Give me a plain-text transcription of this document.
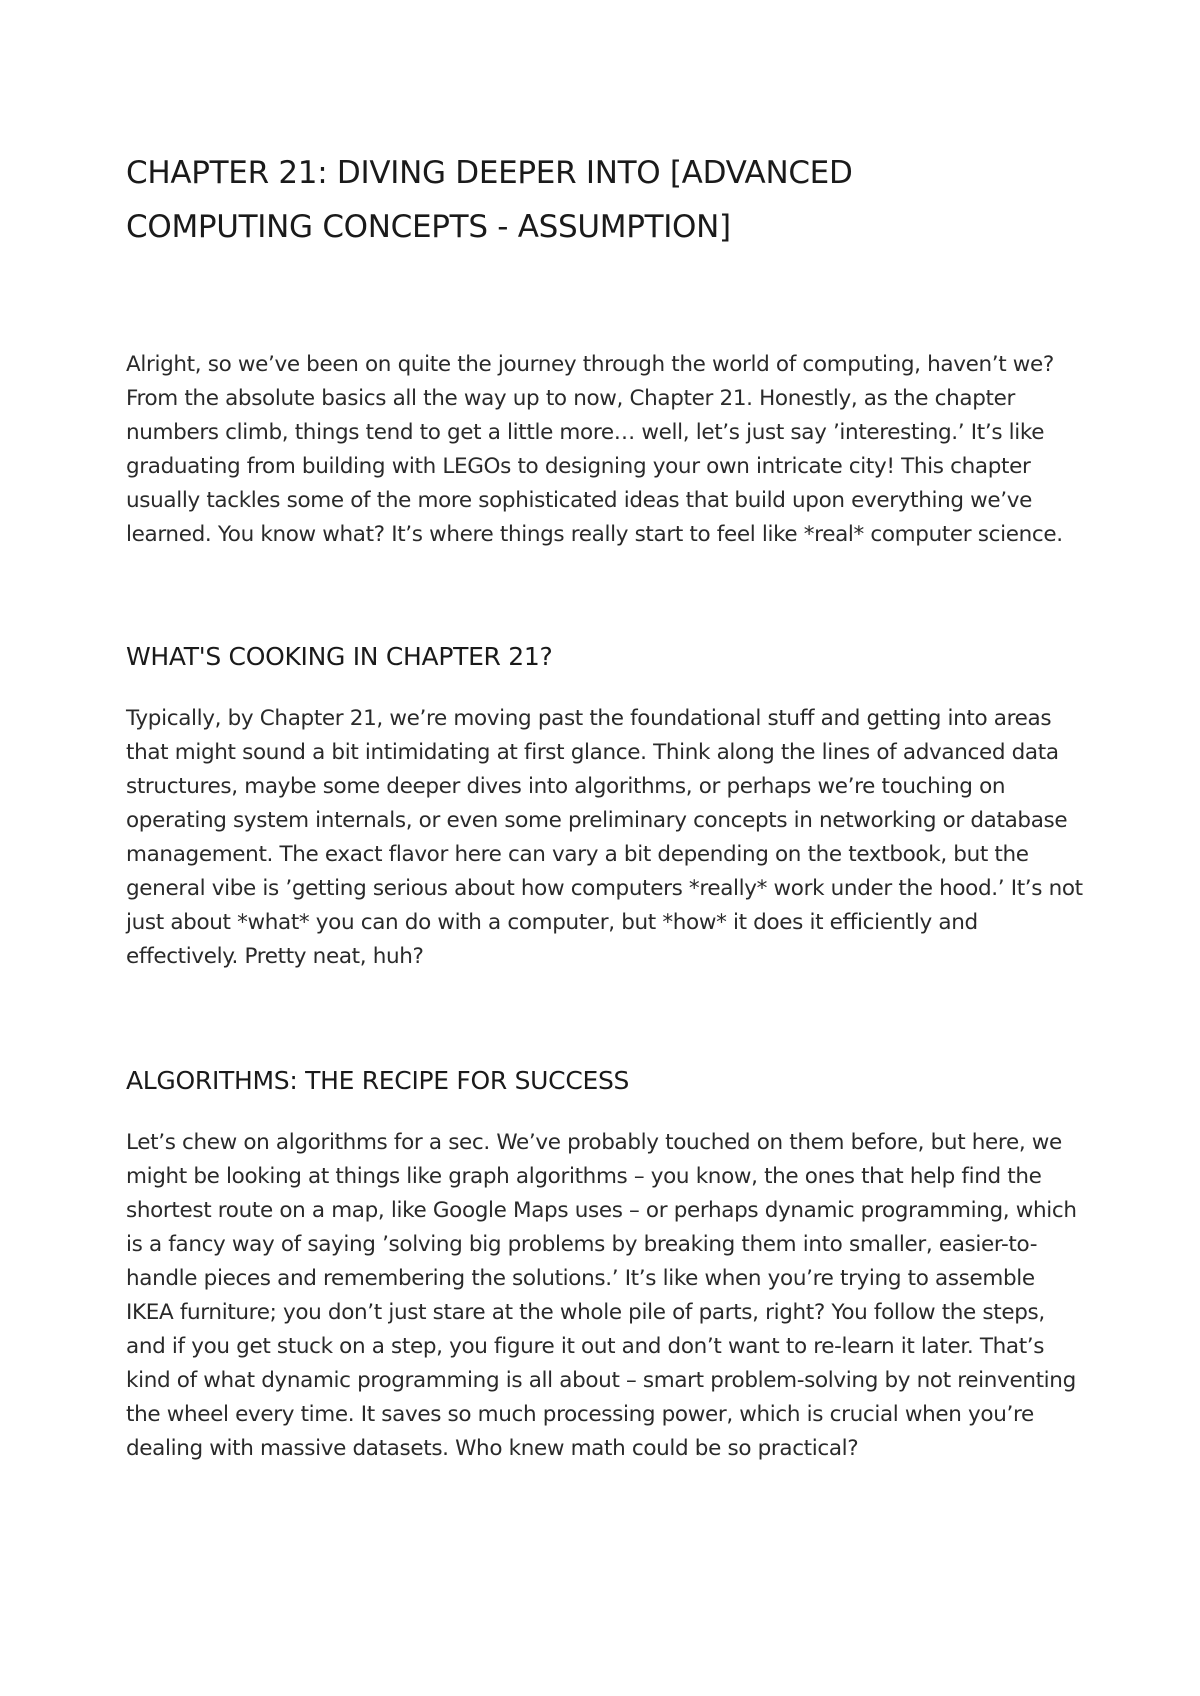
CHAPTER 21: DIVING DEEPER INTO [ADVANCED COMPUTING CONCEPTS - ASSUMPTION]

Alright, so we’ve been on quite the journey through the world of computing, haven’t we? From the absolute basics all the way up to now, Chapter 21. Honestly, as the chapter numbers climb, things tend to get a little more… well, let’s just say ’interesting.’ It’s like graduating from building with LEGOs to designing your own intricate city! This chapter usually tackles some of the more sophisticated ideas that build upon everything we’ve learned. You know what? It’s where things really start to feel like *real* computer science.

WHAT'S COOKING IN CHAPTER 21?

Typically, by Chapter 21, we’re moving past the foundational stuff and getting into areas that might sound a bit intimidating at first glance. Think along the lines of advanced data structures, maybe some deeper dives into algorithms, or perhaps we’re touching on operating system internals, or even some preliminary concepts in networking or database management. The exact flavor here can vary a bit depending on the textbook, but the general vibe is ’getting serious about how computers *really* work under the hood.’ It’s not just about *what* you can do with a computer, but *how* it does it efficiently and effectively. Pretty neat, huh?

ALGORITHMS: THE RECIPE FOR SUCCESS

Let’s chew on algorithms for a sec. We’ve probably touched on them before, but here, we might be looking at things like graph algorithms – you know, the ones that help find the shortest route on a map, like Google Maps uses – or perhaps dynamic programming, which is a fancy way of saying ’solving big problems by breaking them into smaller, easier-to-handle pieces and remembering the solutions.’ It’s like when you’re trying to assemble IKEA furniture; you don’t just stare at the whole pile of parts, right? You follow the steps, and if you get stuck on a step, you figure it out and don’t want to re-learn it later. That’s kind of what dynamic programming is all about – smart problem-solving by not reinventing the wheel every time. It saves so much processing power, which is crucial when you’re dealing with massive datasets. Who knew math could be so practical?
